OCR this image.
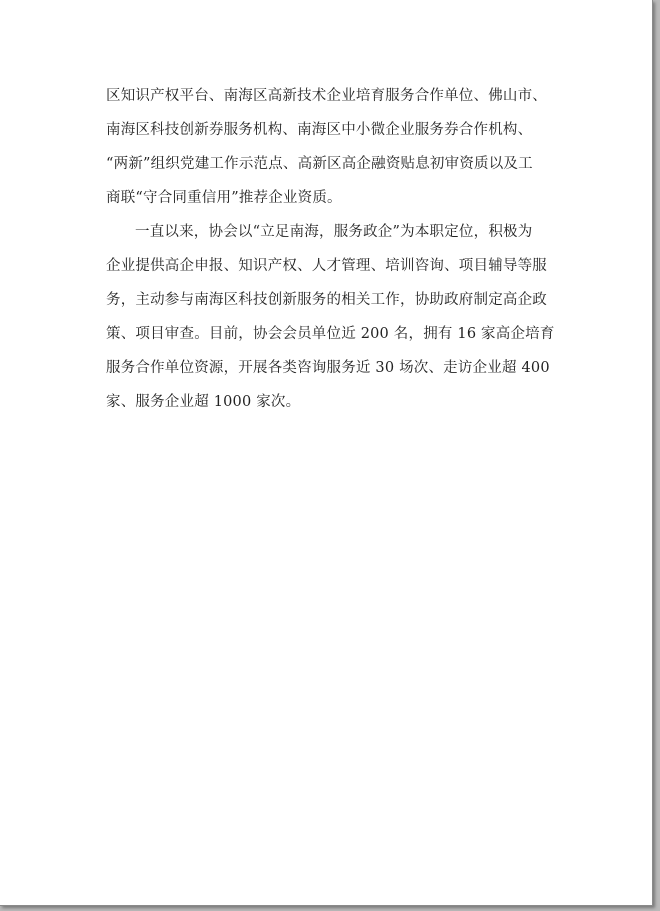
区知识产权平台、南海区高新技术企业培育服务合作单位、佛山市、
南海区科技创新券服务机构、南海区中小微企业服务券合作机构、
“两新”组织党建工作示范点、高新区高企融资贴息初审资质以及工
商联“守合同重信用”推荐企业资质。
一直以来，协会以“立足南海，服务政企”为本职定位，积极为
企业提供高企申报、知识产权、人才管理、培训咨询、项目辅导等服
务，主动参与南海区科技创新服务的相关工作，协助政府制定高企政
策、项目审查。目前，协会会员单位近 200 名，拥有 16 家高企培育
服务合作单位资源，开展各类咨询服务近 30 场次、走访企业超 400
家、服务企业超 1000 家次。
